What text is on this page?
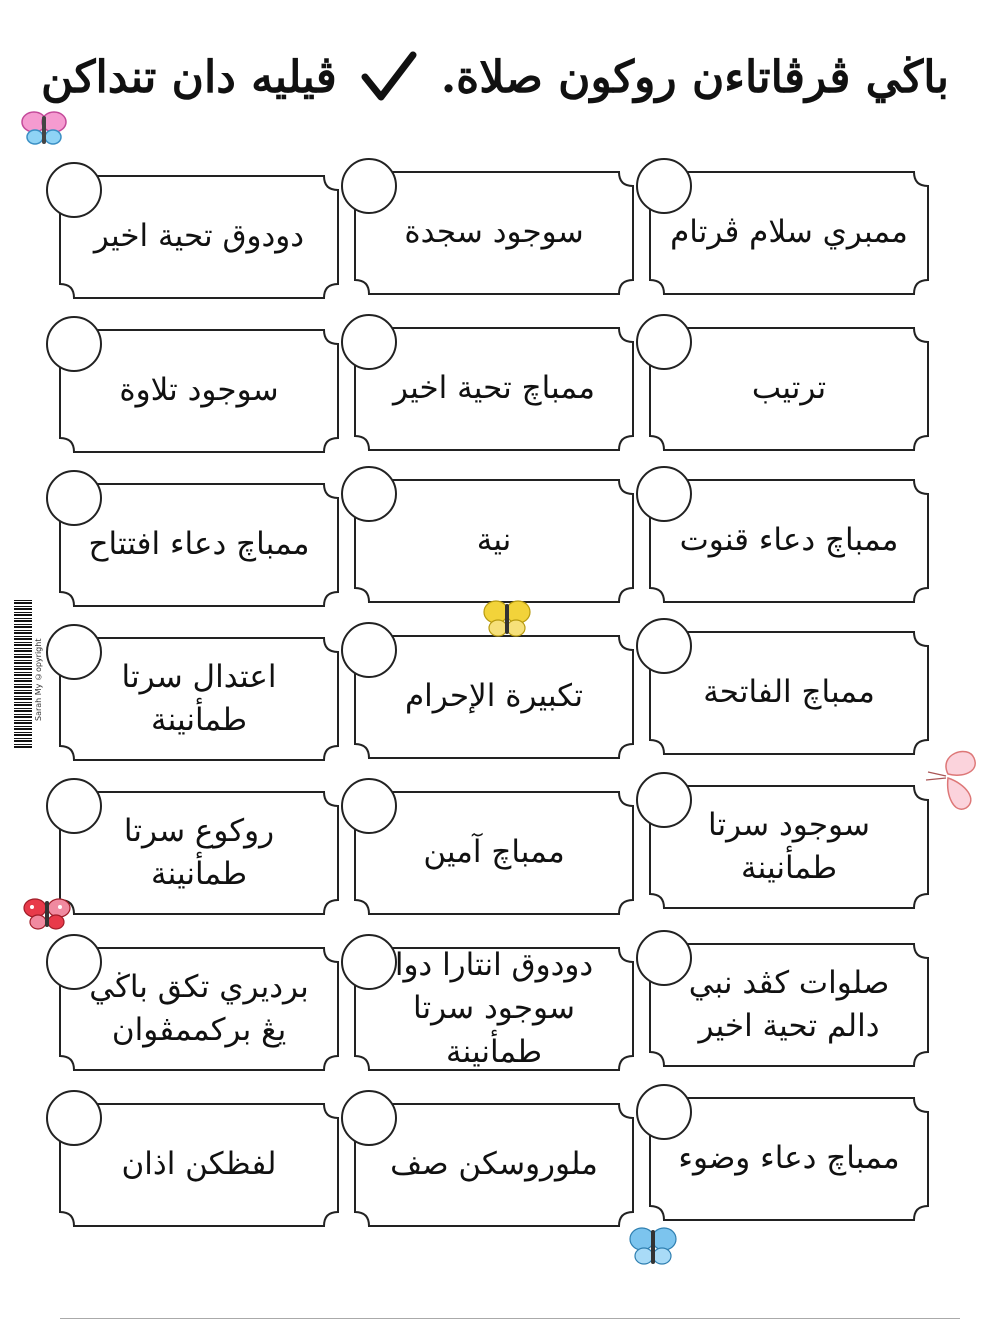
ڤيليه دان تنداکن باڬي ڤرڤاتاءن روکون صلاة.
ممبري سلام ڤرتام
سوجود سجدة
دودوق تحية اخير
ترتيب
ممباچ تحية اخير
سوجود تلاوة
ممباچ دعاء قنوت
نية
ممباچ دعاء افتتاح
ممباچ الفاتحة
تکبيرة الإحرام
اعتدال سرتا طمأنينة
سوجود سرتا طمأنينة
ممباچ آمين
روکوع سرتا طمأنينة
صلوات کڤد نبي
دالم تحية اخير
دودوق انتارا دوا
سوجود سرتا طمأنينة
برديري تکق باڬي
يڠ برکممڤوان
ممباچ دعاء وضوء
ملوروسکن صف
لفظکن اذان
Sarah My ©opyright
